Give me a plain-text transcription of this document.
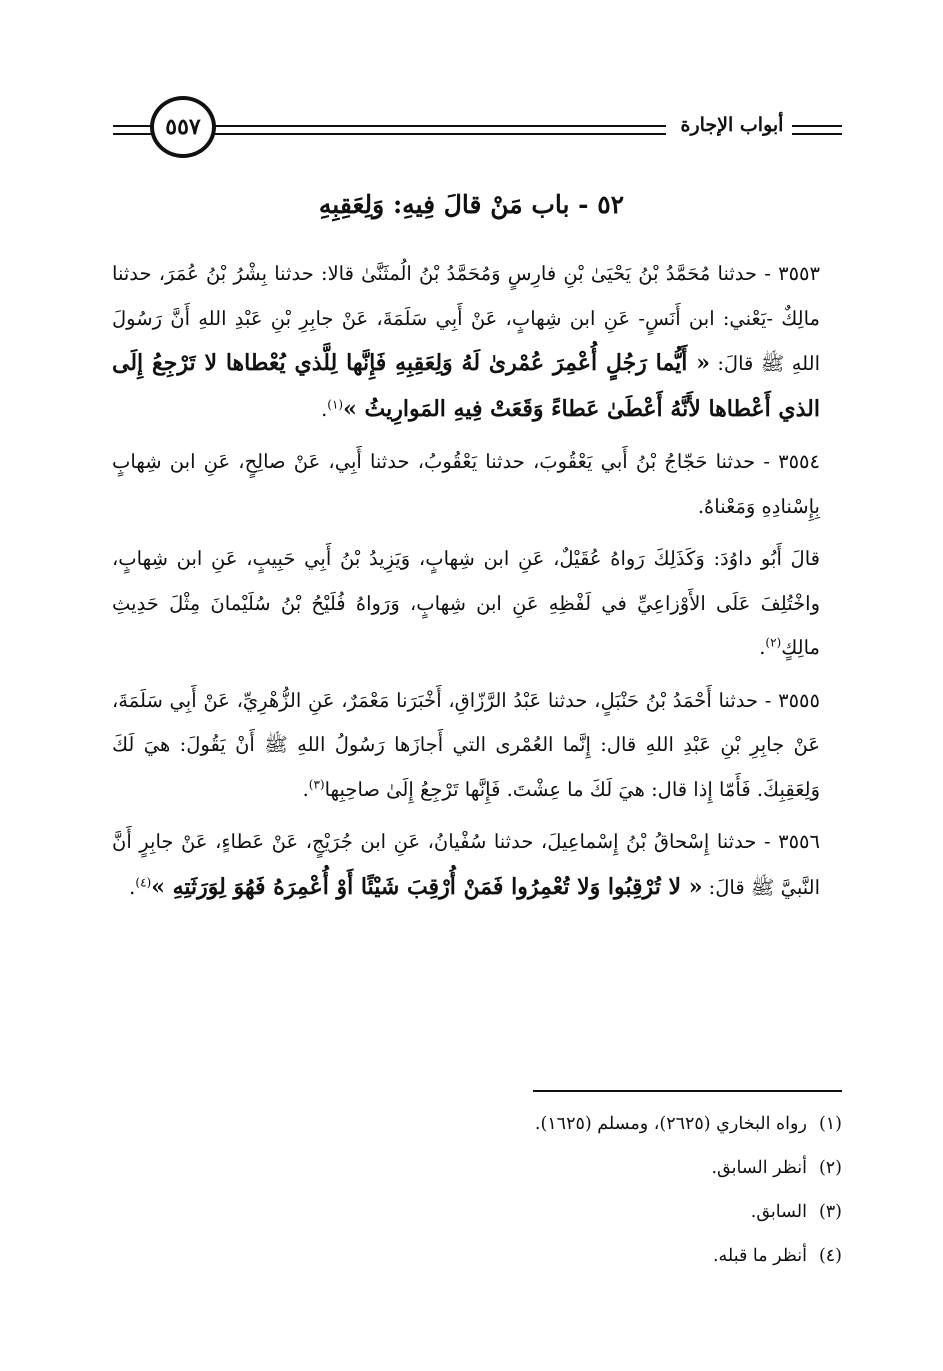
أبواب الإجارة
٥٥٧
٥٢ - باب مَنْ قالَ فِيهِ: وَلِعَقِبِهِ

٣٥٥٣ - حدثنا مُحَمَّدُ بْنُ يَحْيَىٰ بْنِ فارِسٍ وَمُحَمَّدُ بْنُ الُمثَنَّىٰ قالا: حدثنا بِشْرُ بْنُ عُمَرَ، حدثنا مالِكٌ -يَعْني: ابن أَنَسٍ- عَنِ ابن شِهابٍ، عَنْ أَبِي سَلَمَةَ، عَنْ جابِرِ بْنِ عَبْدِ اللهِ أَنَّ رَسُولَ اللهِ ﷺ قالَ: « أَيُّما رَجُلٍ أُعْمِرَ عُمْرىٰ لَهُ وَلِعَقِبِهِ فَإِنَّها لِلَّذي يُعْطاها لا تَرْجِعُ إِلَى الذي أَعْطاها لأَنَّهُ أَعْطَىٰ عَطاءً وَقَعَتْ فِيهِ المَوارِيثُ »$^{(١)}$.

٣٥٥٤ - حدثنا حَجّاجُ بْنُ أَبي يَعْقُوبَ، حدثنا يَعْقُوبُ، حدثنا أَبِي، عَنْ صالِحٍ، عَنِ ابن شِهابٍ بِإِسْنادِهِ وَمَعْناهُ.

قالَ أَبُو داوُدَ: وَكَذَلِكَ رَواهُ عُقَيْلٌ، عَنِ ابن شِهابٍ، وَيَزِيدُ بْنُ أَبِي حَبِيبٍ، عَنِ ابن شِهابٍ، واخْتُلِفَ عَلَى الأَوْزاعِيِّ في لَفْظِهِ عَنِ ابن شِهابٍ، وَرَواهُ فُلَيْحُ بْنُ سُلَيْمانَ مِثْلَ حَدِيثِ مالِكٍ$^{(٢)}$.

٣٥٥٥ - حدثنا أَحْمَدُ بْنُ حَنْبَلٍ، حدثنا عَبْدُ الرَّزّاقِ، أَخْبَرَنا مَعْمَرٌ، عَنِ الزُّهْرِيِّ، عَنْ أَبِي سَلَمَةَ، عَنْ جابِرِ بْنِ عَبْدِ اللهِ قال: إِنَّما العُمْرى التي أَجازَها رَسُولُ اللهِ ﷺ أَنْ يَقُولَ: هيَ لَكَ وَلِعَقِبِكَ. فَأَمّا إِذا قال: هيَ لَكَ ما عِشْتَ. فَإِنَّها تَرْجِعُ إِلَىٰ صاحِبِها$^{(٣)}$.

٣٥٥٦ - حدثنا إِسْحاقُ بْنُ إِسْماعِيلَ، حدثنا سُفْيانُ، عَنِ ابن جُرَيْجٍ، عَنْ عَطاءٍ، عَنْ جابِرٍ أَنَّ النَّبيَّ ﷺ قالَ: « لا تُرْقِبُوا وَلا تُعْمِرُوا فَمَنْ أُرْقِبَ شَيْئًا أَوْ أُعْمِرَهُ فَهُوَ لِوَرَثَتِهِ »$^{(٤)}$.

(١)رواه البخاري (٢٦٢٥)، ومسلم (١٦٢٥).
(٢)أنظر السابق.
(٣)السابق.
(٤)أنظر ما قبله.
